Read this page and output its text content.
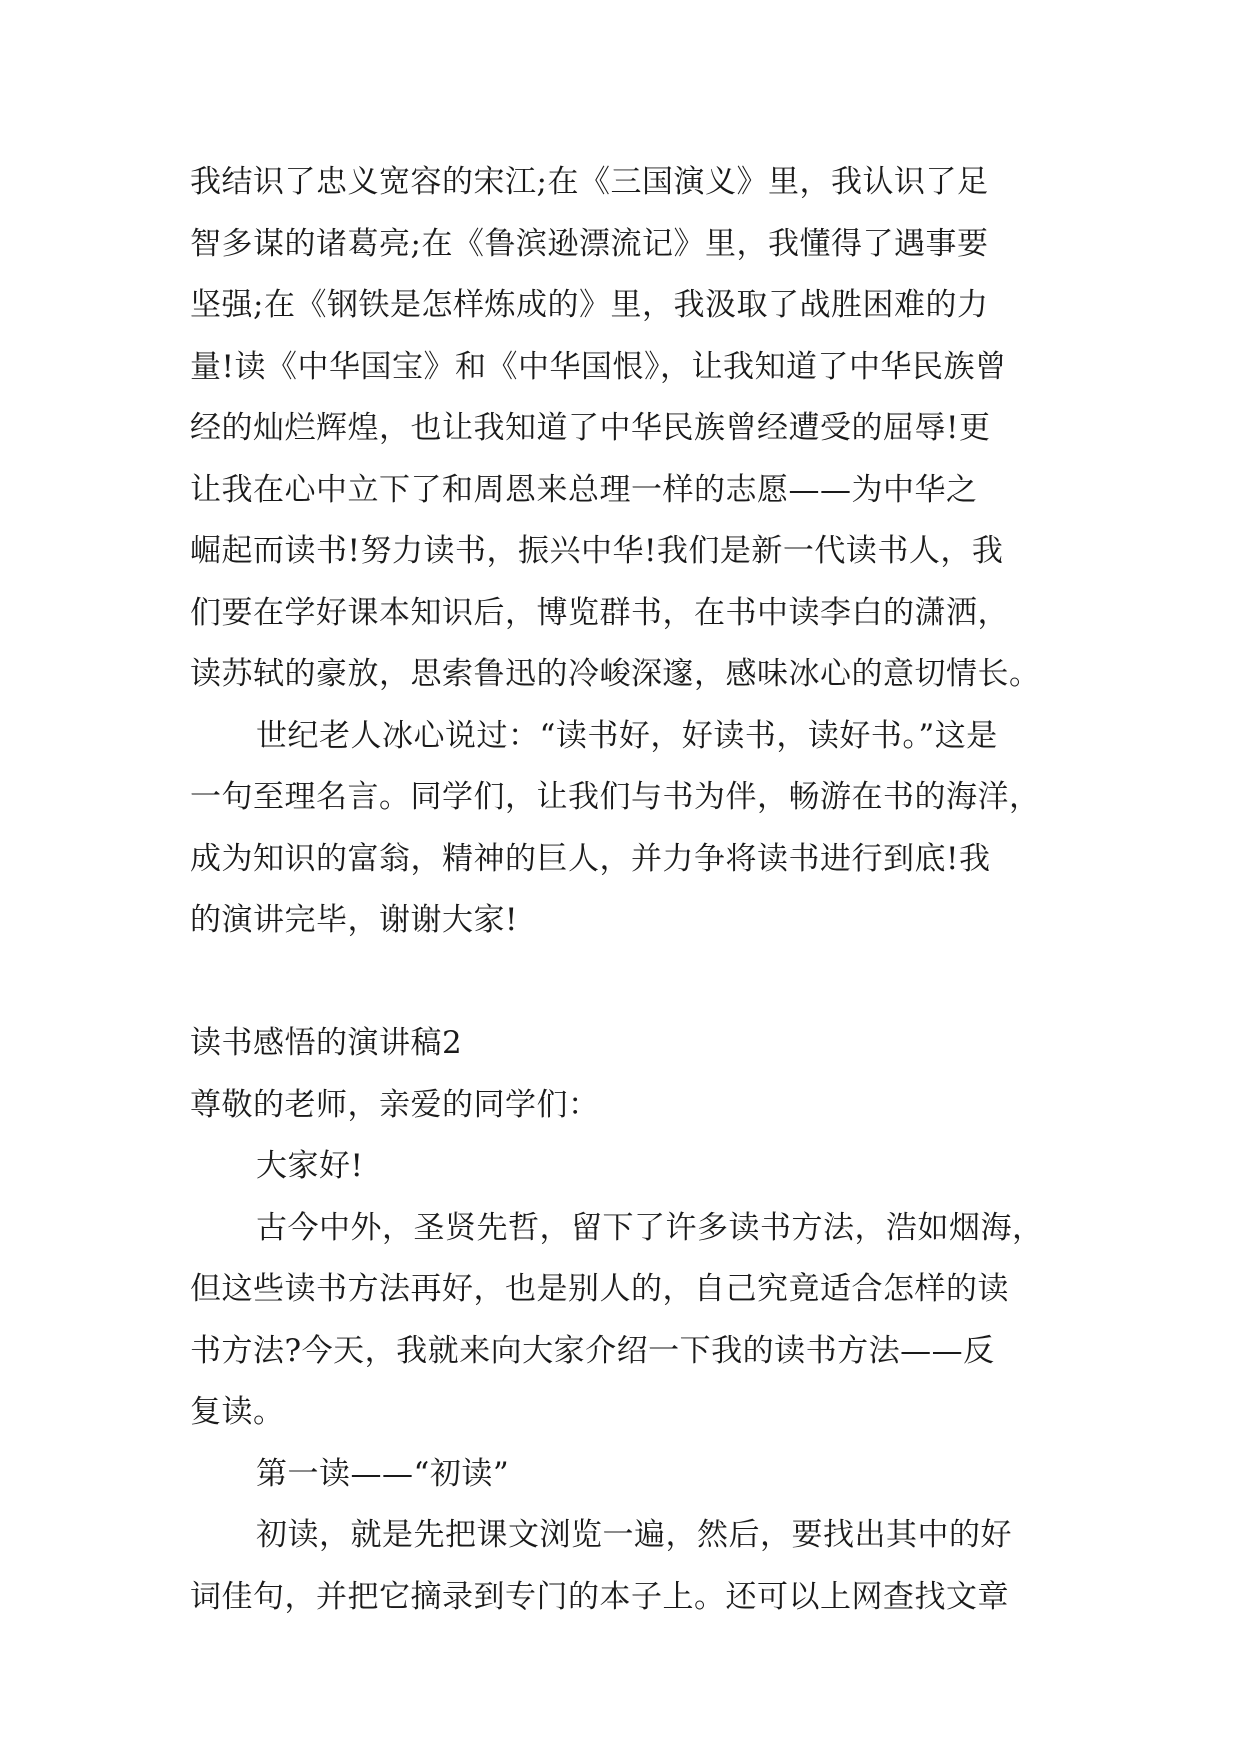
我结识了忠义宽容的宋江;在《三国演义》里，我认识了足
智多谋的诸葛亮;在《鲁滨逊漂流记》里，我懂得了遇事要
坚强;在《钢铁是怎样炼成的》里，我汲取了战胜困难的力
量!读《中华国宝》和《中华国恨》，让我知道了中华民族曾
经的灿烂辉煌，也让我知道了中华民族曾经遭受的屈辱!更
让我在心中立下了和周恩来总理一样的志愿——为中华之
崛起而读书!努力读书，振兴中华!我们是新一代读书人，我
们要在学好课本知识后，博览群书，在书中读李白的潇洒，
读苏轼的豪放，思索鲁迅的冷峻深邃，感味冰心的意切情长。
世纪老人冰心说过：“读书好，好读书，读好书。”这是
一句至理名言。同学们，让我们与书为伴，畅游在书的海洋，
成为知识的富翁，精神的巨人，并力争将读书进行到底!我
的演讲完毕，谢谢大家!
读书感悟的演讲稿2
尊敬的老师，亲爱的同学们：
大家好!
古今中外，圣贤先哲，留下了许多读书方法，浩如烟海，
但这些读书方法再好，也是别人的，自己究竟适合怎样的读
书方法?今天，我就来向大家介绍一下我的读书方法——反
复读。
第一读——“初读”
初读，就是先把课文浏览一遍，然后，要找出其中的好
词佳句，并把它摘录到专门的本子上。还可以上网查找文章
